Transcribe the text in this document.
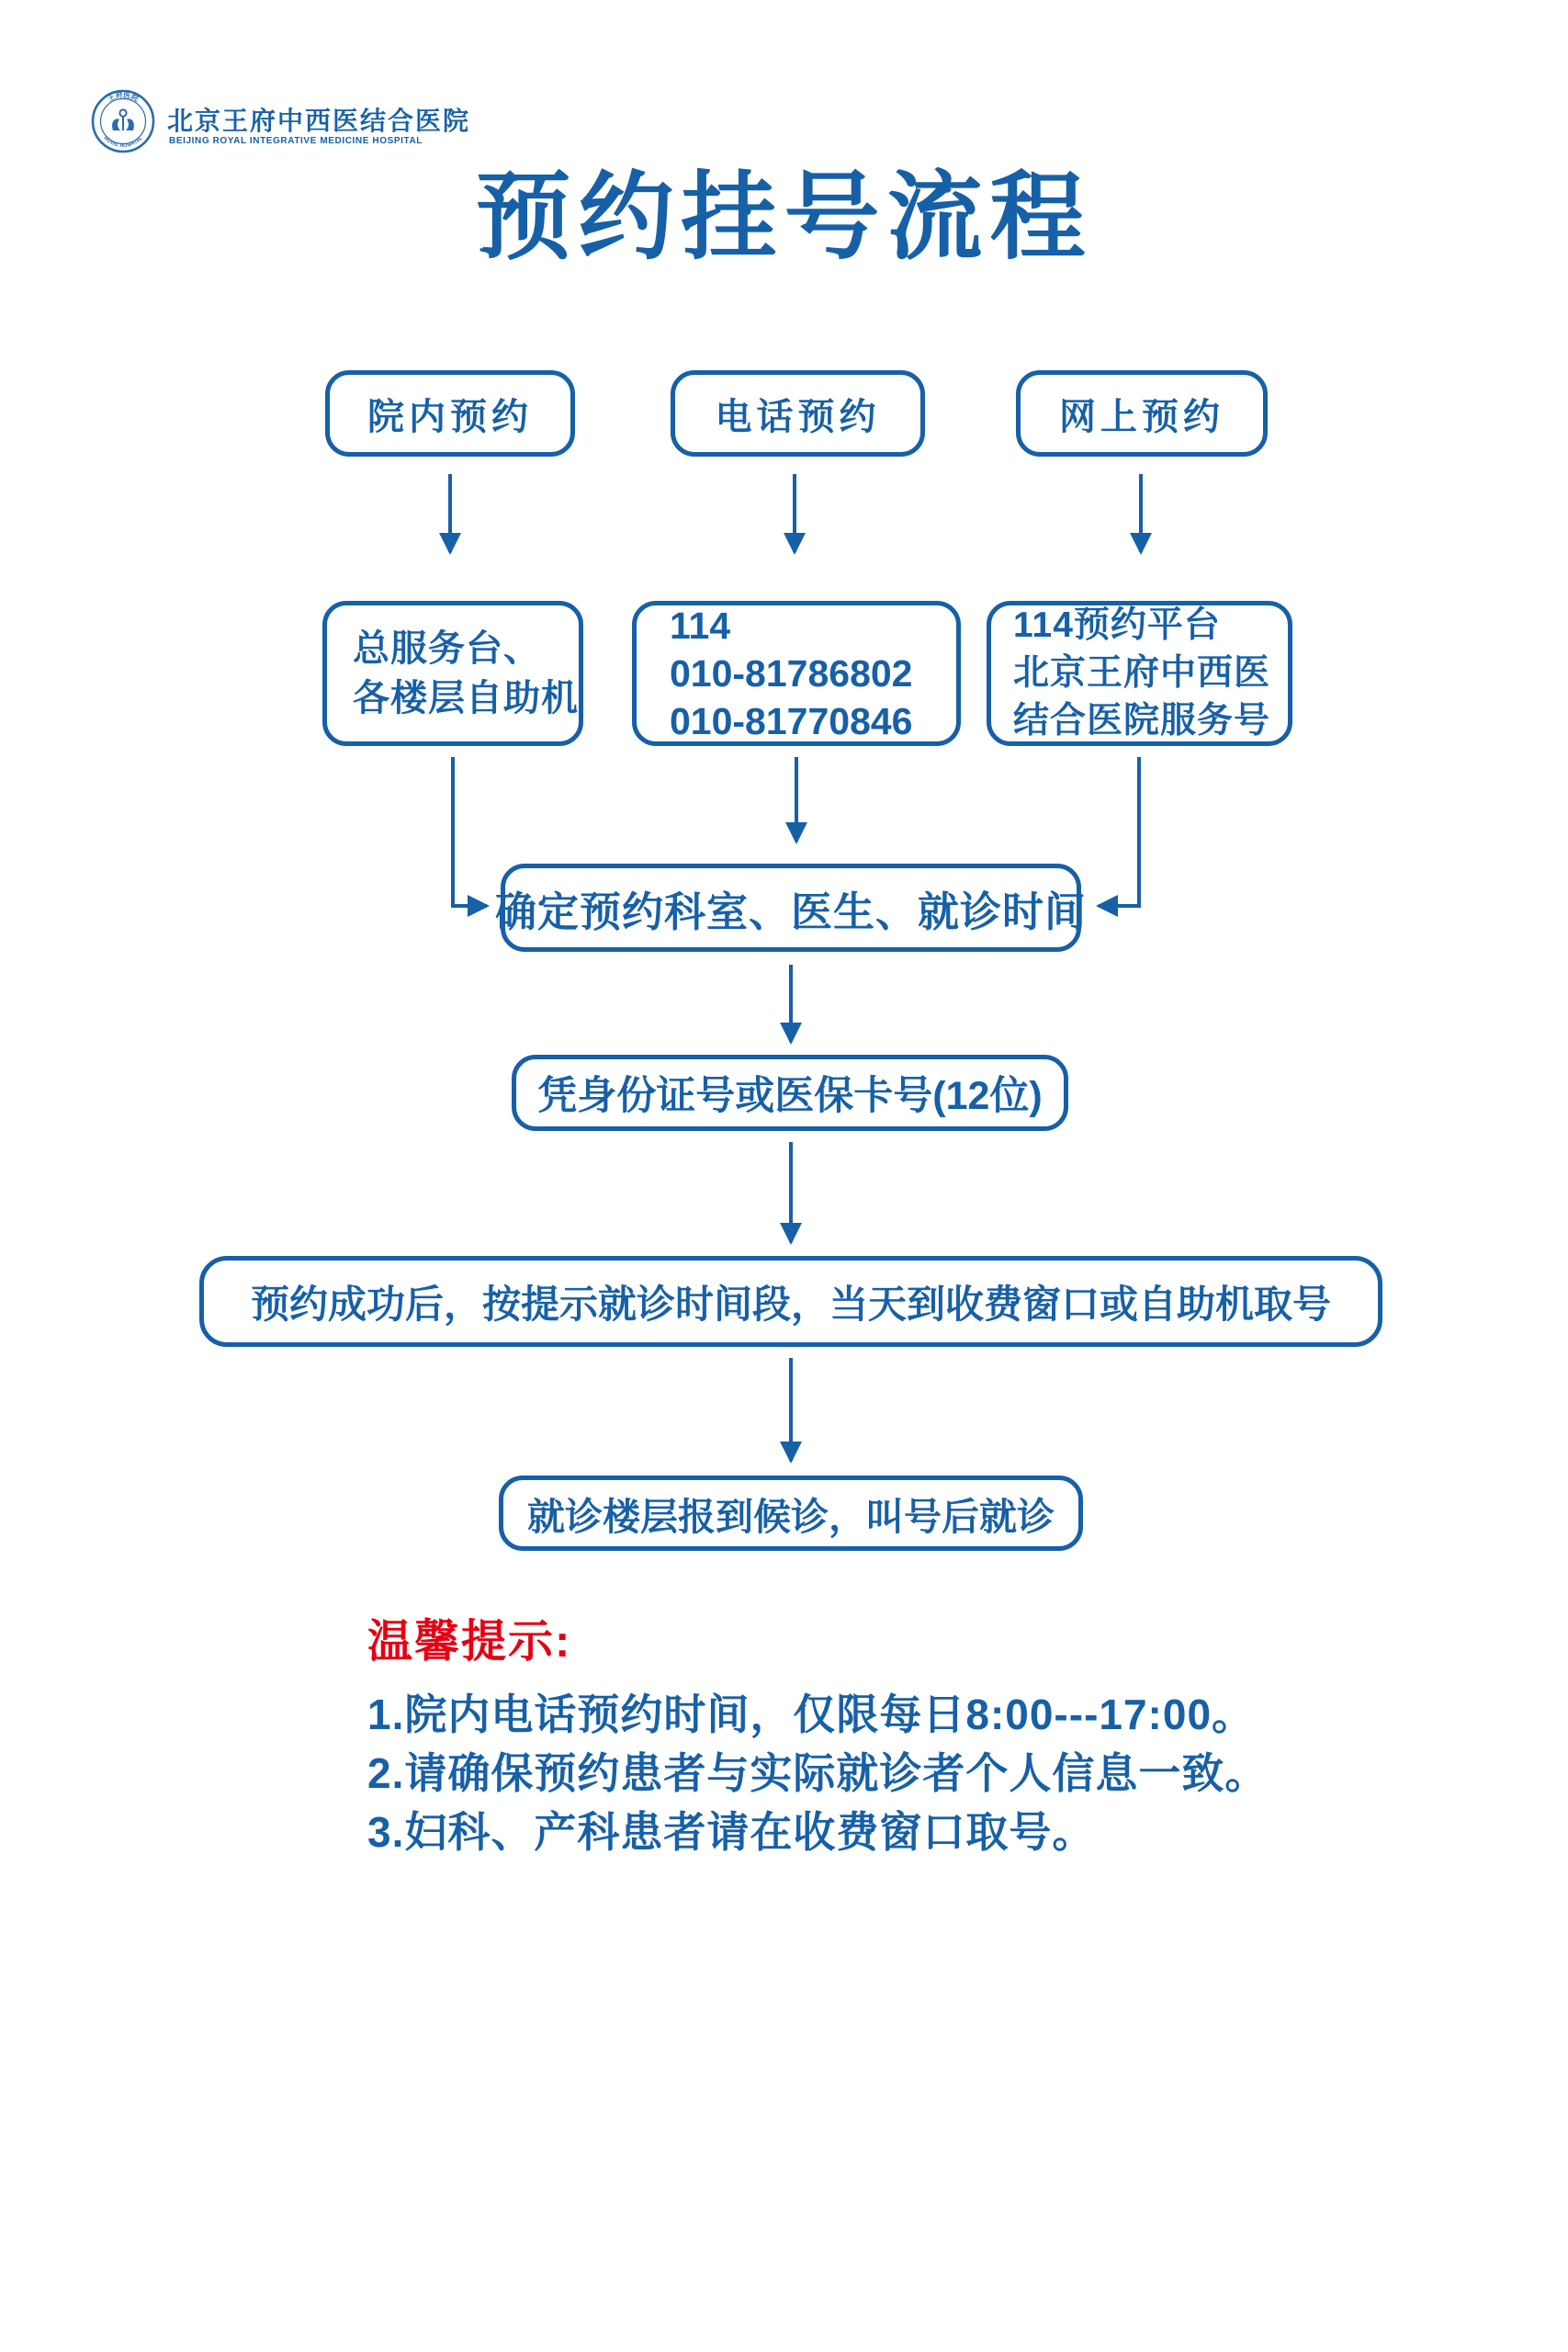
王府医院
ROYAL HOSPITAL
北京王府中西医结合医院
BEIJING ROYAL INTEGRATIVE MEDICINE HOSPITAL
预约挂号流程
院内预约	电话预约	网上预约
总服务台、
各楼层自助机
114
010-81786802
010-81770846
114预约平台
北京王府中西医
结合医院服务号
确定预约科室、医生、就诊时间
凭身份证号或医保卡号(12位)
预约成功后，按提示就诊时间段，当天到收费窗口或自助机取号
就诊楼层报到候诊，叫号后就诊
温馨提示:
1.院内电话预约时间，仅限每日8:00---17:00。
2.请确保预约患者与实际就诊者个人信息一致。
3.妇科、产科患者请在收费窗口取号。
